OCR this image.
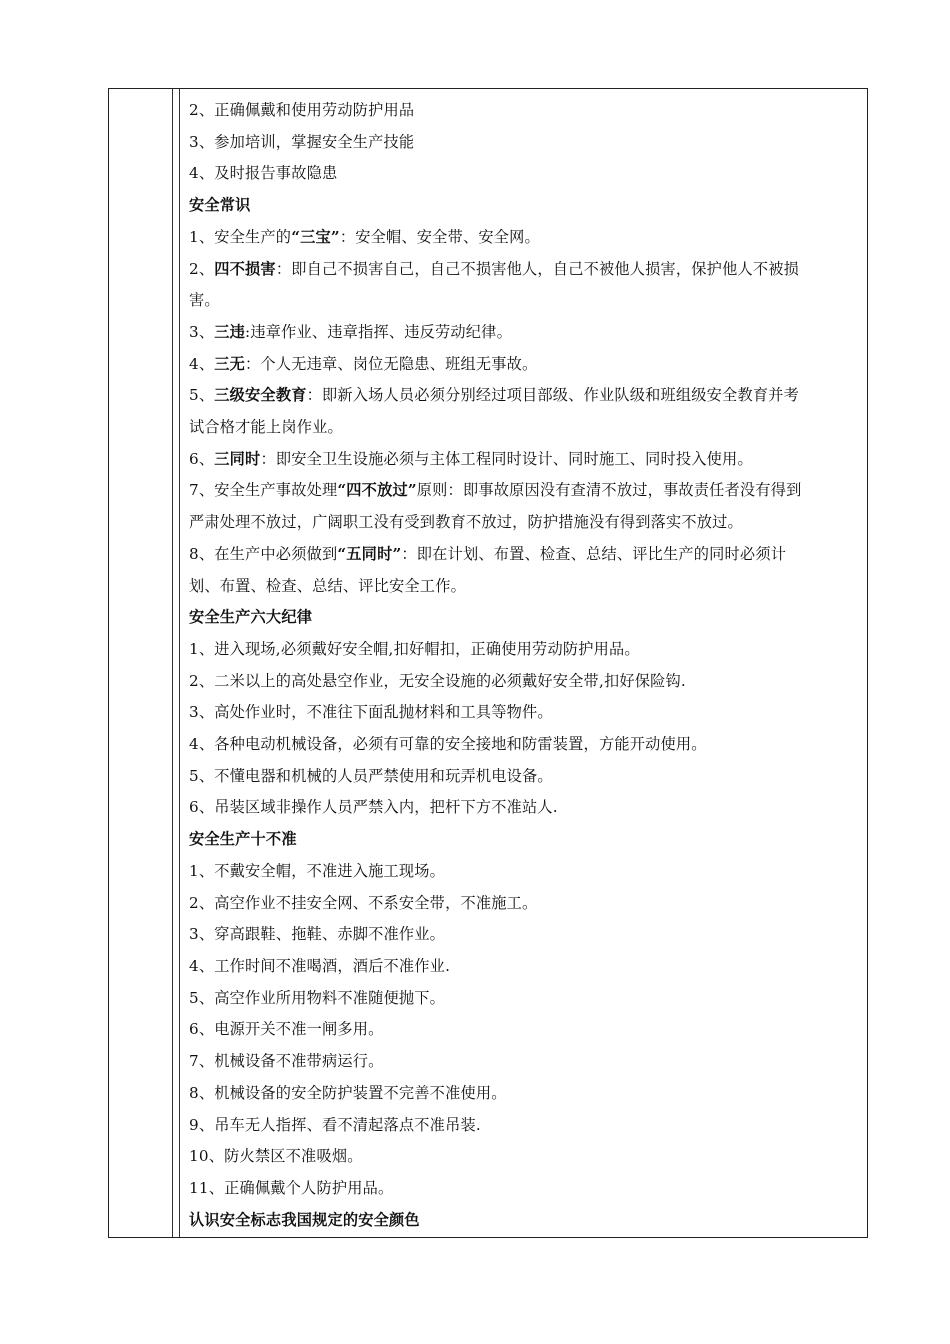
2、正确佩戴和使用劳动防护用品
3、参加培训，掌握安全生产技能
4、及时报告事故隐患
安全常识
1、安全生产的“三宝”：安全帽、安全带、安全网。
2、四不损害：即自己不损害自己，自己不损害他人，自己不被他人损害，保护他人不被损
害。
3、三违:违章作业、违章指挥、违反劳动纪律。
4、三无：个人无违章、岗位无隐患、班组无事故。
5、三级安全教育：即新入场人员必须分别经过项目部级、作业队级和班组级安全教育并考
试合格才能上岗作业。
6、三同时：即安全卫生设施必须与主体工程同时设计、同时施工、同时投入使用。
7、安全生产事故处理“四不放过”原则：即事故原因没有查清不放过，事故责任者没有得到
严肃处理不放过，广阔职工没有受到教育不放过，防护措施没有得到落实不放过。
8、在生产中必须做到“五同时”：即在计划、布置、检查、总结、评比生产的同时必须计
划、布置、检查、总结、评比安全工作。
安全生产六大纪律
1、进入现场,必须戴好安全帽,扣好帽扣，正确使用劳动防护用品。
2、二米以上的高处悬空作业，无安全设施的必须戴好安全带,扣好保险钩.
3、高处作业时，不准往下面乱抛材料和工具等物件。
4、各种电动机械设备，必须有可靠的安全接地和防雷装置，方能开动使用。
5、不懂电器和机械的人员严禁使用和玩弄机电设备。
6、吊装区域非操作人员严禁入内，把杆下方不准站人.
安全生产十不准
1、不戴安全帽，不准进入施工现场。
2、高空作业不挂安全网、不系安全带，不准施工。
3、穿高跟鞋、拖鞋、赤脚不准作业。
4、工作时间不准喝酒，酒后不准作业.
5、高空作业所用物料不准随便抛下。
6、电源开关不准一闸多用。
7、机械设备不准带病运行。
8、机械设备的安全防护装置不完善不准使用。
9、吊车无人指挥、看不清起落点不准吊装.
10、防火禁区不准吸烟。
11、正确佩戴个人防护用品。
认识安全标志我国规定的安全颜色
